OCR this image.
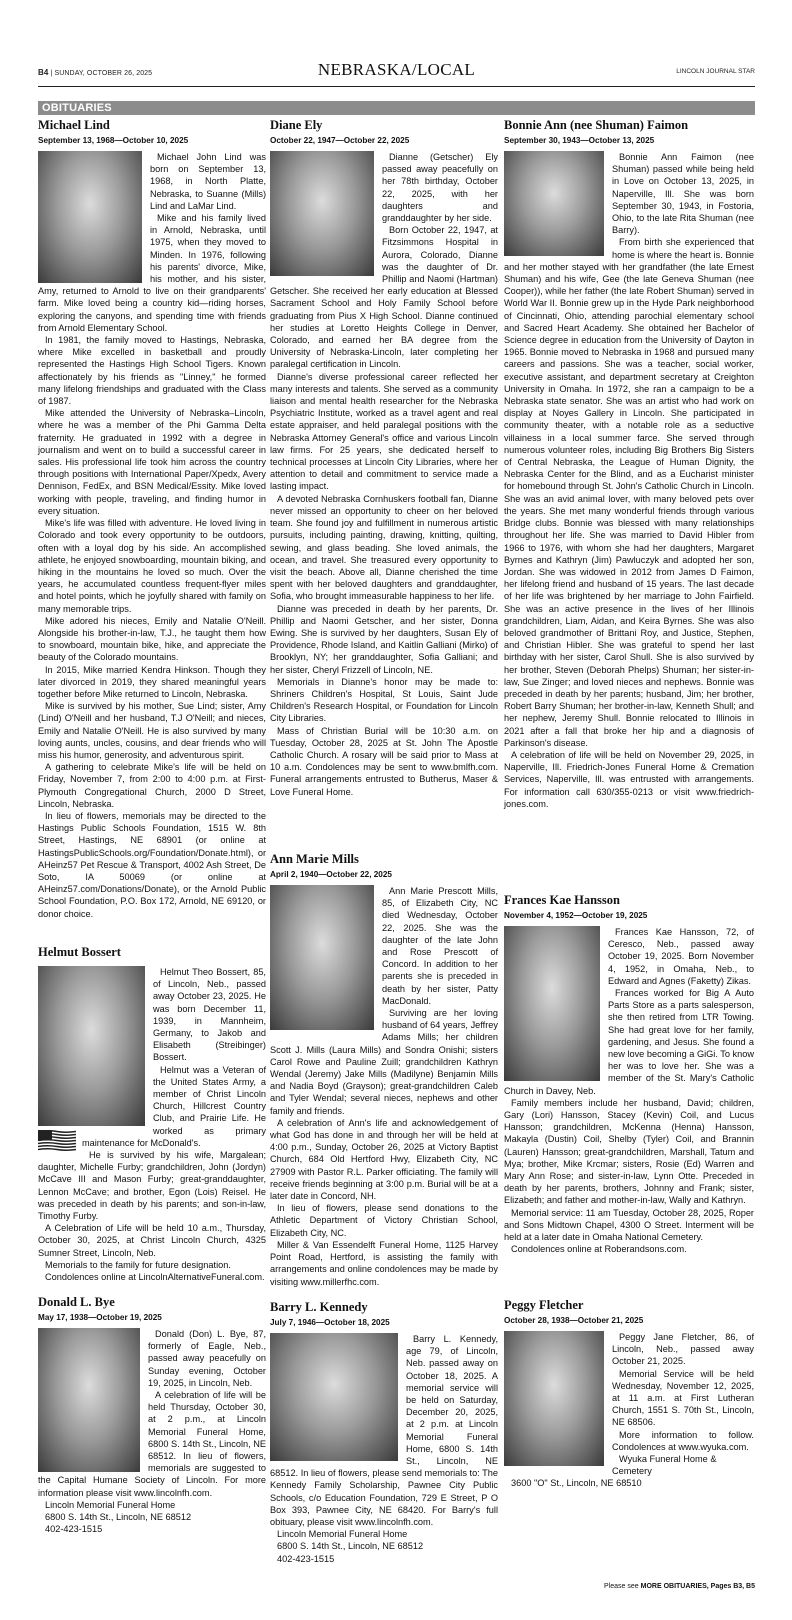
B4 | SUNDAY, OCTOBER 26, 2025	NEBRASKA/LOCAL	LINCOLN JOURNAL STAR
OBITUARIES
Michael Lind
September 13, 1968—October 10, 2025

Michael John Lind was born on September 13, 1968, in North Platte, Nebraska, to Suanne (Mills) Lind and LaMar Lind.

Mike and his family lived in Arnold, Nebraska, until 1975, when they moved to Minden. In 1976, following his parents' divorce, Mike, his mother, and his sister, Amy, returned to Arnold to live on their grandparents' farm. Mike loved being a country kid—riding horses, exploring the canyons, and spending time with friends from Arnold Elementary School.

In 1981, the family moved to Hastings, Nebraska, where Mike excelled in basketball and proudly represented the Hastings High School Tigers. Known affectionately by his friends as "Linney," he formed many lifelong friendships and graduated with the Class of 1987.

Mike attended the University of Nebraska–Lincoln, where he was a member of the Phi Gamma Delta fraternity. He graduated in 1992 with a degree in journalism and went on to build a successful career in sales. His professional life took him across the country through positions with International Paper/Xpedx, Avery Dennison, FedEx, and BSN Medical/Essity. Mike loved working with people, traveling, and finding humor in every situation.

Mike's life was filled with adventure. He loved living in Colorado and took every opportunity to be outdoors, often with a loyal dog by his side. An accomplished athlete, he enjoyed snowboarding, mountain biking, and hiking in the mountains he loved so much. Over the years, he accumulated countless frequent-flyer miles and hotel points, which he joyfully shared with family on many memorable trips.

Mike adored his nieces, Emily and Natalie O'Neill. Alongside his brother-in-law, T.J., he taught them how to snowboard, mountain bike, hike, and appreciate the beauty of the Colorado mountains.

In 2015, Mike married Kendra Hinkson. Though they later divorced in 2019, they shared meaningful years together before Mike returned to Lincoln, Nebraska.

Mike is survived by his mother, Sue Lind; sister, Amy (Lind) O'Neill and her husband, T.J O'Neill; and nieces, Emily and Natalie O'Neill. He is also survived by many loving aunts, uncles, cousins, and dear friends who will miss his humor, generosity, and adventurous spirit.

A gathering to celebrate Mike's life will be held on Friday, November 7, from 2:00 to 4:00 p.m. at First-Plymouth Congregational Church, 2000 D Street, Lincoln, Nebraska.

In lieu of flowers, memorials may be directed to the Hastings Public Schools Foundation, 1515 W. 8th Street, Hastings, NE 68901 (or online at HastingsPublicSchools.org/Foundation/Donate.html), or AHeinz57 Pet Rescue & Transport, 4002 Ash Street, De Soto, IA 50069 (or online at AHeinz57.com/Donations/Donate), or the Arnold Public School Foundation, P.O. Box 172, Arnold, NE 69120, or donor choice.

Helmut Bossert

Helmut Theo Bossert, 85, of Lincoln, Neb., passed away October 23, 2025. He was born December 11, 1939, in Mannheim, Germany, to Jakob and Elisabeth (Streibinger) Bossert.

Helmut was a Veteran of the United States Army, a member of Christ Lincoln Church, Hillcrest Country Club, and Prairie Life. He worked as primary maintenance for McDonald's.

He is survived by his wife, Margalean; daughter, Michelle Furby; grandchildren, John (Jordyn) McCave III and Mason Furby; great-granddaughter, Lennon McCave; and brother, Egon (Lois) Reisel. He was preceded in death by his parents; and son-in-law, Timothy Furby.

A Celebration of Life will be held 10 a.m., Thursday, October 30, 2025, at Christ Lincoln Church, 4325 Sumner Street, Lincoln, Neb.

Memorials to the family for future designation.

Condolences online at LincolnAlternativeFuneral.com.

Donald L. Bye
May 17, 1938—October 19, 2025

Donald (Don) L. Bye, 87, formerly of Eagle, Neb., passed away peacefully on Sunday evening, October 19, 2025, in Lincoln, Neb.

A celebration of life will be held Thursday, October 30, at 2 p.m., at Lincoln Memorial Funeral Home, 6800 S. 14th St., Lincoln, NE 68512. In lieu of flowers, memorials are suggested to the Capital Humane Society of Lincoln. For more information please visit www.lincolnfh.com.

Lincoln Memorial Funeral Home

6800 S. 14th St., Lincoln, NE 68512

402-423-1515

Diane Ely
October 22, 1947—October 22, 2025

Dianne (Getscher) Ely passed away peacefully on her 78th birthday, October 22, 2025, with her daughters and granddaughter by her side.

Born October 22, 1947, at Fitzsimmons Hospital in Aurora, Colorado, Dianne was the daughter of Dr. Phillip and Naomi (Hartman) Getscher. She received her early education at Blessed Sacrament School and Holy Family School before graduating from Pius X High School. Dianne continued her studies at Loretto Heights College in Denver, Colorado, and earned her BA degree from the University of Nebraska-Lincoln, later completing her paralegal certification in Lincoln.

Dianne's diverse professional career reflected her many interests and talents. She served as a community liaison and mental health researcher for the Nebraska Psychiatric Institute, worked as a travel agent and real estate appraiser, and held paralegal positions with the Nebraska Attorney General's office and various Lincoln law firms. For 25 years, she dedicated herself to technical processes at Lincoln City Libraries, where her attention to detail and commitment to service made a lasting impact.

A devoted Nebraska Cornhuskers football fan, Dianne never missed an opportunity to cheer on her beloved team. She found joy and fulfillment in numerous artistic pursuits, including painting, drawing, knitting, quilting, sewing, and glass beading. She loved animals, the ocean, and travel. She treasured every opportunity to visit the beach. Above all, Dianne cherished the time spent with her beloved daughters and granddaughter, Sofia, who brought immeasurable happiness to her life.

Dianne was preceded in death by her parents, Dr. Phillip and Naomi Getscher, and her sister, Donna Ewing. She is survived by her daughters, Susan Ely of Providence, Rhode Island, and Kaitlin Galliani (Mirko) of Brooklyn, NY; her granddaughter, Sofia Galliani; and her sister, Cheryl Frizzell of Lincoln, NE.

Memorials in Dianne's honor may be made to: Shriners Children's Hospital, St Louis, Saint Jude Children's Research Hospital, or Foundation for Lincoln City Libraries.

Mass of Christian Burial will be 10:30 a.m. on Tuesday, October 28, 2025 at St. John The Apostle Catholic Church. A rosary will be said prior to Mass at 10 a.m. Condolences may be sent to www.bmlfh.com. Funeral arrangements entrusted to Butherus, Maser & Love Funeral Home.

Ann Marie Mills
April 2, 1940—October 22, 2025

Ann Marie Prescott Mills, 85, of Elizabeth City, NC died Wednesday, October 22, 2025. She was the daughter of the late John and Rose Prescott of Concord. In addition to her parents she is preceded in death by her sister, Patty MacDonald.

Surviving are her loving husband of 64 years, Jeffrey Adams Mills; her children Scott J. Mills (Laura Mills) and Sondra Onishi; sisters Carol Rowe and Pauline Zuill; grandchildren Kathryn Wendal (Jeremy) Jake Mills (Madilyne) Benjamin Mills and Nadia Boyd (Grayson); great-grandchildren Caleb and Tyler Wendal; several nieces, nephews and other family and friends.

A celebration of Ann's life and acknowledgement of what God has done in and through her will be held at 4:00 p.m., Sunday, October 26, 2025 at Victory Baptist Church, 684 Old Hertford Hwy, Elizabeth City, NC 27909 with Pastor R.L. Parker officiating. The family will receive friends beginning at 3:00 p.m. Burial will be at a later date in Concord, NH.

In lieu of flowers, please send donations to the Athletic Department of Victory Christian School, Elizabeth City, NC.

Miller & Van Essendelft Funeral Home, 1125 Harvey Point Road, Hertford, is assisting the family with arrangements and online condolences may be made by visiting www.millerfhc.com.

Barry L. Kennedy
July 7, 1946—October 18, 2025

Barry L. Kennedy, age 79, of Lincoln, Neb. passed away on October 18, 2025. A memorial service will be held on Saturday, December 20, 2025, at 2 p.m. at Lincoln Memorial Funeral Home, 6800 S. 14th St., Lincoln, NE 68512. In lieu of flowers, please send memorials to: The Kennedy Family Scholarship, Pawnee City Public Schools, c/o Education Foundation, 729 E Street, P O Box 393, Pawnee City, NE 68420. For Barry's full obituary, please visit www.lincolnfh.com.

Lincoln Memorial Funeral Home

6800 S. 14th St., Lincoln, NE 68512

402-423-1515

Bonnie Ann (nee Shuman) Faimon
September 30, 1943—October 13, 2025

Bonnie Ann Faimon (nee Shuman) passed while being held in Love on October 13, 2025, in Naperville, Ill. She was born September 30, 1943, in Fostoria, Ohio, to the late Rita Shuman (nee Barry).

From birth she experienced that home is where the heart is. Bonnie and her mother stayed with her grandfather (the late Ernest Shuman) and his wife, Gee (the late Geneva Shuman (nee Cooper)), while her father (the late Robert Shuman) served in World War II. Bonnie grew up in the Hyde Park neighborhood of Cincinnati, Ohio, attending parochial elementary school and Sacred Heart Academy. She obtained her Bachelor of Science degree in education from the University of Dayton in 1965. Bonnie moved to Nebraska in 1968 and pursued many careers and passions. She was a teacher, social worker, executive assistant, and department secretary at Creighton University in Omaha. In 1972, she ran a campaign to be a Nebraska state senator. She was an artist who had work on display at Noyes Gallery in Lincoln. She participated in community theater, with a notable role as a seductive villainess in a local summer farce. She served through numerous volunteer roles, including Big Brothers Big Sisters of Central Nebraska, the League of Human Dignity, the Nebraska Center for the Blind, and as a Eucharist minister for homebound through St. John's Catholic Church in Lincoln. She was an avid animal lover, with many beloved pets over the years. She met many wonderful friends through various Bridge clubs. Bonnie was blessed with many relationships throughout her life. She was married to David Hibler from 1966 to 1976, with whom she had her daughters, Margaret Byrnes and Kathryn (Jim) Pawluczyk and adopted her son, Jordan. She was widowed in 2012 from James D Faimon, her lifelong friend and husband of 15 years. The last decade of her life was brightened by her marriage to John Fairfield. She was an active presence in the lives of her Illinois grandchildren, Liam, Aidan, and Keira Byrnes. She was also beloved grandmother of Brittani Roy, and Justice, Stephen, and Christian Hibler. She was grateful to spend her last birthday with her sister, Carol Shull. She is also survived by her brother, Steven (Deborah Phelps) Shuman; her sister-in-law, Sue Zinger; and loved nieces and nephews. Bonnie was preceded in death by her parents; husband, Jim; her brother, Robert Barry Shuman; her brother-in-law, Kenneth Shull; and her nephew, Jeremy Shull. Bonnie relocated to Illinois in 2021 after a fall that broke her hip and a diagnosis of Parkinson's disease.

A celebration of life will be held on November 29, 2025, in Naperville, Ill. Friedrich-Jones Funeral Home & Cremation Services, Naperville, Ill. was entrusted with arrangements. For information call 630/355-0213 or visit www.friedrich-jones.com.

Frances Kae Hansson
November 4, 1952—October 19, 2025

Frances Kae Hansson, 72, of Ceresco, Neb., passed away October 19, 2025. Born November 4, 1952, in Omaha, Neb., to Edward and Agnes (Faketty) Zikas.

Frances worked for Big A Auto Parts Store as a parts salesperson, she then retired from LTR Towing. She had great love for her family, gardening, and Jesus. She found a new love becoming a GiGi. To know her was to love her. She was a member of the St. Mary's Catholic Church in Davey, Neb.

Family members include her husband, David; children, Gary (Lori) Hansson, Stacey (Kevin) Coil, and Lucus Hansson; grandchildren, McKenna (Henna) Hansson, Makayla (Dustin) Coil, Shelby (Tyler) Coil, and Brannin (Lauren) Hansson; great-grandchildren, Marshall, Tatum and Mya; brother, Mike Krcmar; sisters, Rosie (Ed) Warren and Mary Ann Rose; and sister-in-law, Lynn Otte. Preceded in death by her parents, brothers, Johnny and Frank; sister, Elizabeth; and father and mother-in-law, Wally and Kathryn.

Memorial service: 11 am Tuesday, October 28, 2025, Roper and Sons Midtown Chapel, 4300 O Street. Interment will be held at a later date in Omaha National Cemetery.

Condolences online at Roberandsons.com.

Peggy Fletcher
October 28, 1938—October 21, 2025

Peggy Jane Fletcher, 86, of Lincoln, Neb., passed away October 21, 2025.

Memorial Service will be held Wednesday, November 12, 2025, at 11 a.m. at First Lutheran Church, 1551 S. 70th St., Lincoln, NE 68506.

More information to follow. Condolences at www.wyuka.com.

Wyuka Funeral Home & Cemetery

3600 "O" St., Lincoln, NE 68510

Please see MORE OBITUARIES, Pages B3, B5
